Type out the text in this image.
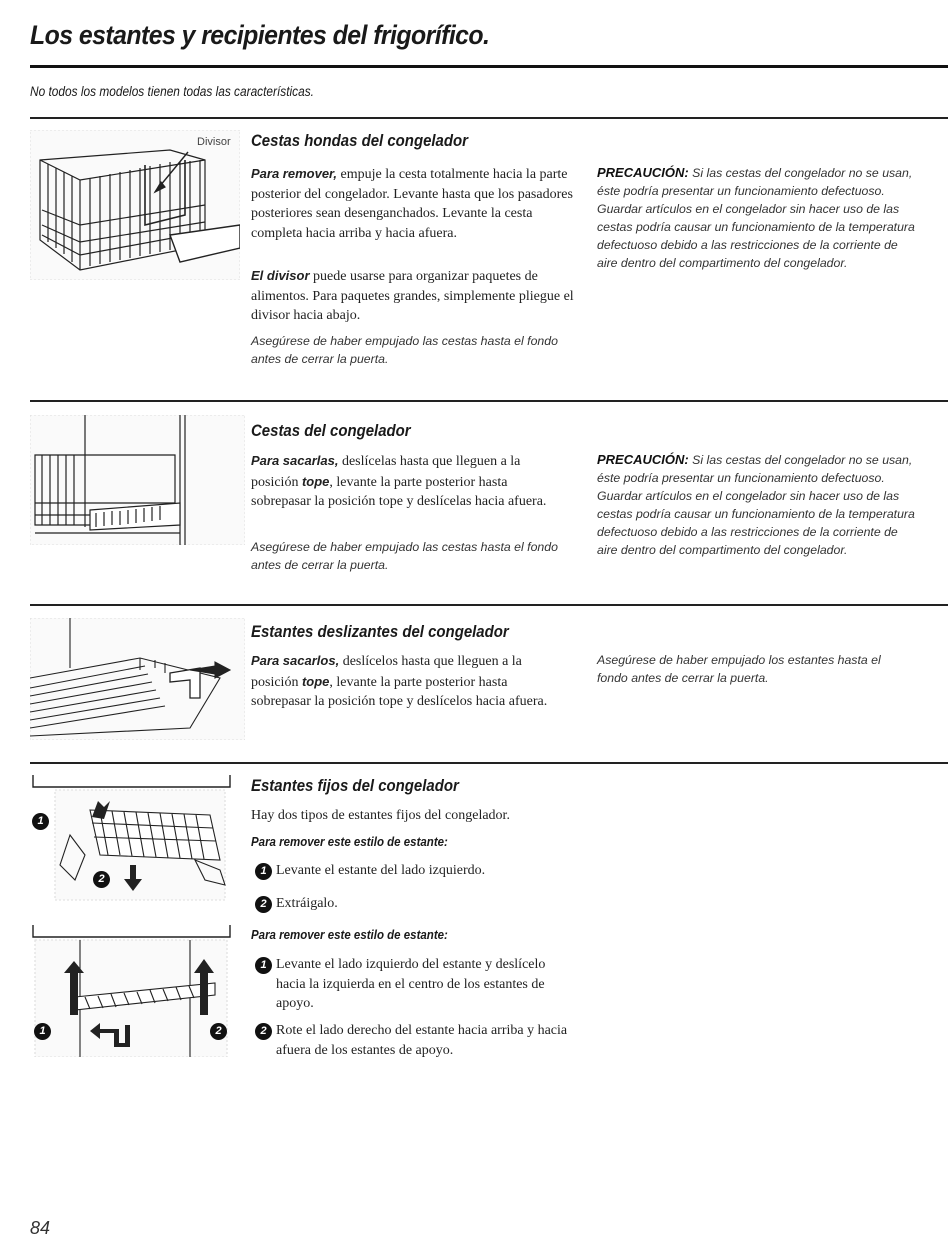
Los estantes y recipientes del frigorífico.
No todos los modelos tienen todas las características.
Divisor Cestas hondas del congelador
Para remover, empuje la cesta totalmente hacia la parte posterior del congelador. Levante hasta que los pasadores posteriores sean desenganchados. Levante la cesta completa hacia arriba y hacia afuera.
El divisor puede usarse para organizar paquetes de alimentos. Para paquetes grandes, simplemente pliegue el divisor hacia abajo.
Asegúrese de haber empujado las cestas hasta el fondo antes de cerrar la puerta.
PRECAUCIÓN: Si las cestas del congelador no se usan, éste podría presentar un funcionamiento defectuoso. Guardar artículos en el congelador sin hacer uso de las cestas podría causar un funcionamiento de la temperatura defectuoso debido a las restricciones de la corriente de aire dentro del compartimento del congelador.
Cestas del congelador
Para sacarlas, deslícelas hasta que lleguen a la posición tope, levante la parte posterior hasta sobrepasar la posición tope y deslícelas hacia afuera.
Asegúrese de haber empujado las cestas hasta el fondo antes de cerrar la puerta.
PRECAUCIÓN: Si las cestas del congelador no se usan, éste podría presentar un funcionamiento defectuoso. Guardar artículos en el congelador sin hacer uso de las cestas podría causar un funcionamiento de la temperatura defectuoso debido a las restricciones de la corriente de aire dentro del compartimento del congelador.
Estantes deslizantes del congelador
Para sacarlos, deslícelos hasta que lleguen a la posición tope, levante la parte posterior hasta sobrepasar la posición tope y deslícelos hacia afuera.
Asegúrese de haber empujado los estantes hasta el fondo antes de cerrar la puerta.
1
2
1	2
Estantes fijos del congelador
Hay dos tipos de estantes fijos del congelador.
Para remover este estilo de estante:
1 Levante el estante del lado izquierdo.
2 Extráigalo.
Para remover este estilo de estante:
1 Levante el lado izquierdo del estante y deslícelo hacia la izquierda en el centro de los estantes de apoyo.
2 Rote el lado derecho del estante hacia arriba y hacia afuera de los estantes de apoyo.
84
